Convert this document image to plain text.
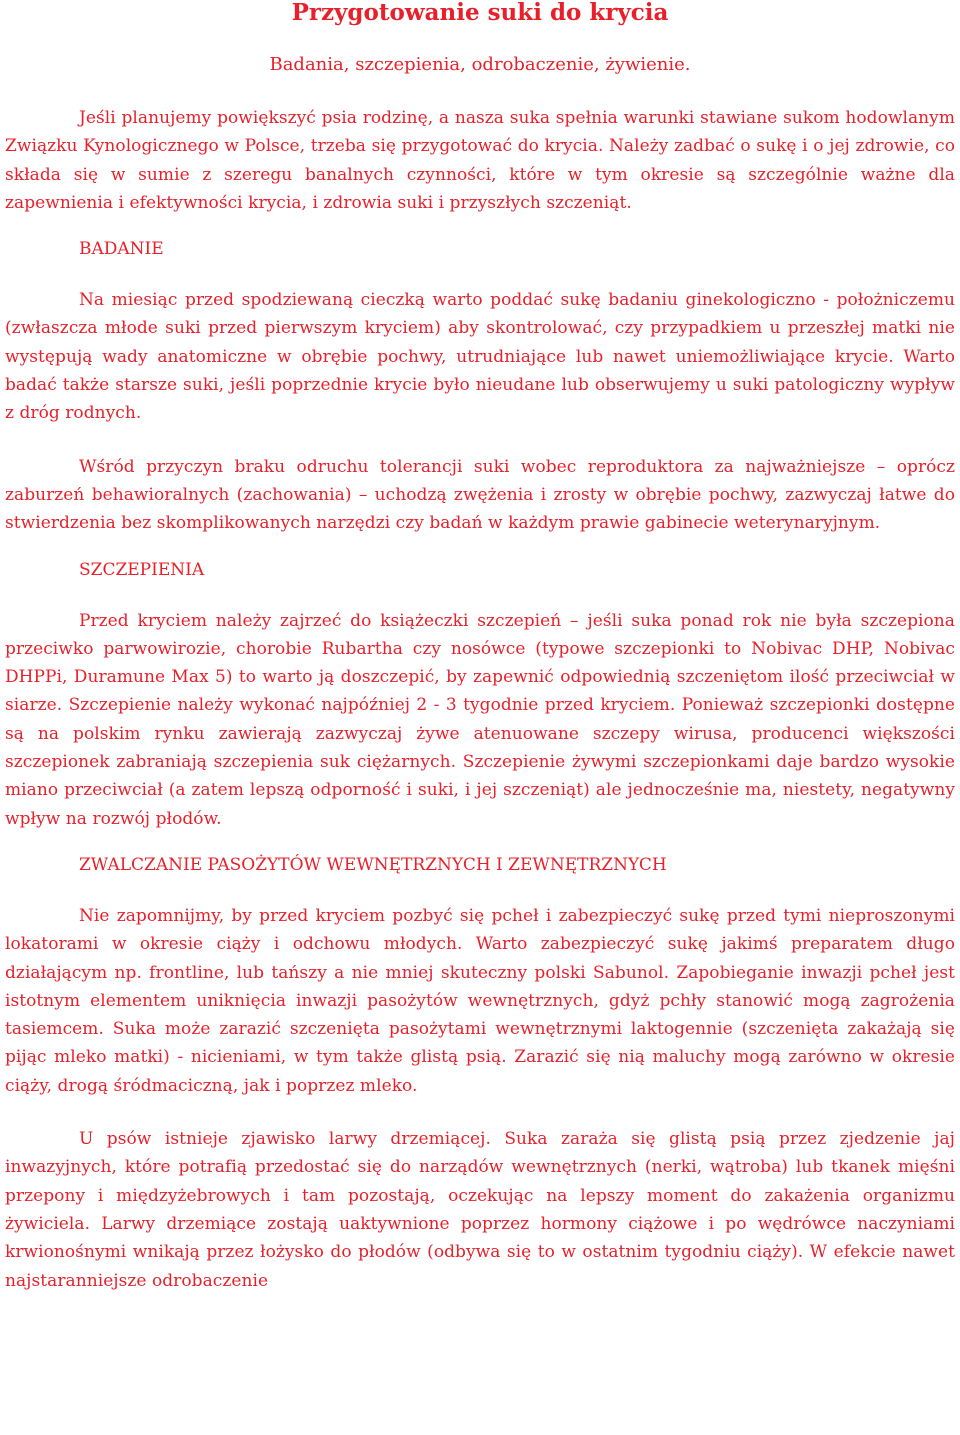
Przygotowanie suki do krycia
Badania, szczepienia, odrobaczenie, żywienie.

Jeśli planujemy powiększyć psia rodzinę, a nasza suka spełnia warunki stawiane sukom hodowlanym Związku Kynologicznego w Polsce, trzeba się przygotować do krycia. Należy zadbać o sukę i o jej zdrowie, co składa się w sumie z szeregu banalnych czynności, które w tym okresie są szczególnie ważne dla zapewnienia i efektywności krycia, i zdrowia suki i przyszłych szczeniąt.

BADANIE

Na miesiąc przed spodziewaną cieczką warto poddać sukę badaniu ginekologiczno - położniczemu (zwłaszcza młode suki przed pierwszym kryciem) aby skontrolować, czy przypadkiem u przeszłej matki nie występują wady anatomiczne w obrębie pochwy, utrudniające lub nawet uniemożliwiające krycie. Warto badać także starsze suki, jeśli poprzednie krycie było nieudane lub obserwujemy u suki patologiczny wypływ z dróg rodnych.

Wśród przyczyn braku odruchu tolerancji suki wobec reproduktora za najważniejsze – oprócz zaburzeń behawioralnych (zachowania) – uchodzą zwężenia i zrosty w obrębie pochwy, zazwyczaj łatwe do stwierdzenia bez skomplikowanych narzędzi czy badań w każdym prawie gabinecie weterynaryjnym.

SZCZEPIENIA

Przed kryciem należy zajrzeć do książeczki szczepień – jeśli suka ponad rok nie była szczepiona przeciwko parwowirozie, chorobie Rubartha czy nosówce (typowe szczepionki to Nobivac DHP, Nobivac DHPPi, Duramune Max 5) to warto ją doszczepić, by zapewnić odpowiednią szczeniętom ilość przeciwciał w siarze. Szczepienie należy wykonać najpóźniej 2 - 3 tygodnie przed kryciem. Ponieważ szczepionki dostępne są na polskim rynku zawierają zazwyczaj żywe atenuowane szczepy wirusa, producenci większości szczepionek zabraniają szczepienia suk ciężarnych. Szczepienie żywymi szczepionkami daje bardzo wysokie miano przeciwciał (a zatem lepszą odporność i suki, i jej szczeniąt) ale jednocześnie ma, niestety, negatywny wpływ na rozwój płodów.

ZWALCZANIE PASOŻYTÓW WEWNĘTRZNYCH I ZEWNĘTRZNYCH

Nie zapomnijmy, by przed kryciem pozbyć się pcheł i zabezpieczyć sukę przed tymi nieproszonymi lokatorami w okresie ciąży i odchowu młodych. Warto zabezpieczyć sukę jakimś preparatem długo działającym np. frontline, lub tańszy a nie mniej skuteczny polski Sabunol. Zapobieganie inwazji pcheł jest istotnym elementem uniknięcia inwazji pasożytów wewnętrznych, gdyż pchły stanowić mogą zagrożenia tasiemcem. Suka może zarazić szczenięta pasożytami wewnętrznymi laktogennie (szczenięta zakażają się pijąc mleko matki) - nicieniami, w tym także glistą psią. Zarazić się nią maluchy mogą zarówno w okresie ciąży, drogą śródmaciczną, jak i poprzez mleko.

U psów istnieje zjawisko larwy drzemiącej. Suka zaraża się glistą psią przez zjedzenie jaj inwazyjnych, które potrafią przedostać się do narządów wewnętrznych (nerki, wątroba) lub tkanek mięśni przepony i międzyżebrowych i tam pozostają, oczekując na lepszy moment do zakażenia organizmu żywiciela. Larwy drzemiące zostają uaktywnione poprzez hormony ciążowe i po wędrówce naczyniami krwionośnymi wnikają przez łożysko do płodów (odbywa się to w ostatnim tygodniu ciąży). W efekcie nawet najstaranniejsze odrobaczenie
